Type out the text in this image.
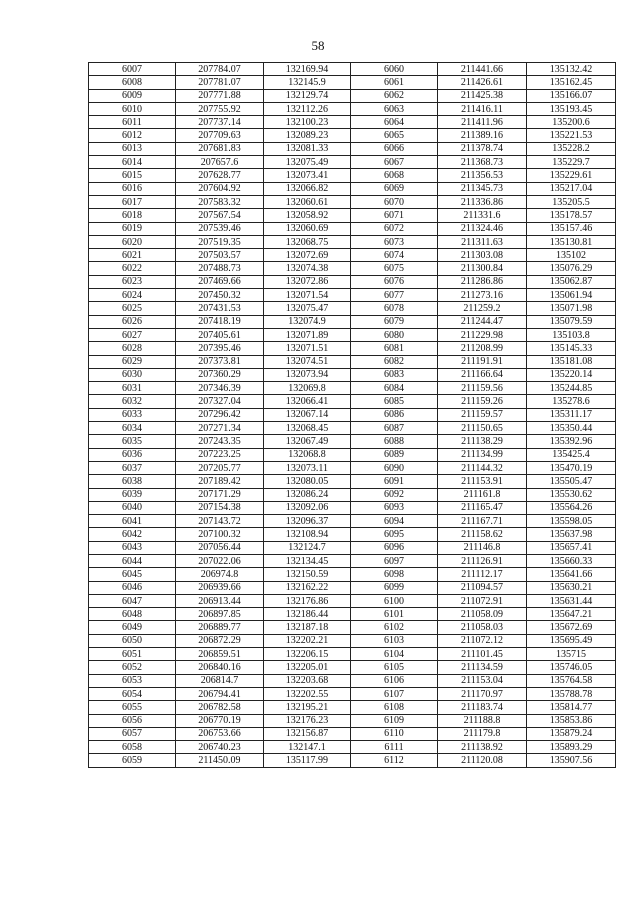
58
6007	207784.07	132169.94	6060	211441.66	135132.42
6008	207781.07	132145.9	6061	211426.61	135162.45
6009	207771.88	132129.74	6062	211425.38	135166.07
6010	207755.92	132112.26	6063	211416.11	135193.45
6011	207737.14	132100.23	6064	211411.96	135200.6
6012	207709.63	132089.23	6065	211389.16	135221.53
6013	207681.83	132081.33	6066	211378.74	135228.2
6014	207657.6	132075.49	6067	211368.73	135229.7
6015	207628.77	132073.41	6068	211356.53	135229.61
6016	207604.92	132066.82	6069	211345.73	135217.04
6017	207583.32	132060.61	6070	211336.86	135205.5
6018	207567.54	132058.92	6071	211331.6	135178.57
6019	207539.46	132060.69	6072	211324.46	135157.46
6020	207519.35	132068.75	6073	211311.63	135130.81
6021	207503.57	132072.69	6074	211303.08	135102
6022	207488.73	132074.38	6075	211300.84	135076.29
6023	207469.66	132072.86	6076	211286.86	135062.87
6024	207450.32	132071.54	6077	211273.16	135061.94
6025	207431.53	132075.47	6078	211259.2	135071.98
6026	207418.19	132074.9	6079	211244.47	135079.59
6027	207405.61	132071.89	6080	211229.98	135103.8
6028	207395.46	132071.51	6081	211208.99	135145.33
6029	207373.81	132074.51	6082	211191.91	135181.08
6030	207360.29	132073.94	6083	211166.64	135220.14
6031	207346.39	132069.8	6084	211159.56	135244.85
6032	207327.04	132066.41	6085	211159.26	135278.6
6033	207296.42	132067.14	6086	211159.57	135311.17
6034	207271.34	132068.45	6087	211150.65	135350.44
6035	207243.35	132067.49	6088	211138.29	135392.96
6036	207223.25	132068.8	6089	211134.99	135425.4
6037	207205.77	132073.11	6090	211144.32	135470.19
6038	207189.42	132080.05	6091	211153.91	135505.47
6039	207171.29	132086.24	6092	211161.8	135530.62
6040	207154.38	132092.06	6093	211165.47	135564.26
6041	207143.72	132096.37	6094	211167.71	135598.05
6042	207100.32	132108.94	6095	211158.62	135637.98
6043	207056.44	132124.7	6096	211146.8	135657.41
6044	207022.06	132134.45	6097	211126.91	135660.33
6045	206974.8	132150.59	6098	211112.17	135641.66
6046	206939.66	132162.22	6099	211094.57	135630.21
6047	206913.44	132176.86	6100	211072.91	135631.44
6048	206897.85	132186.44	6101	211058.09	135647.21
6049	206889.77	132187.18	6102	211058.03	135672.69
6050	206872.29	132202.21	6103	211072.12	135695.49
6051	206859.51	132206.15	6104	211101.45	135715
6052	206840.16	132205.01	6105	211134.59	135746.05
6053	206814.7	132203.68	6106	211153.04	135764.58
6054	206794.41	132202.55	6107	211170.97	135788.78
6055	206782.58	132195.21	6108	211183.74	135814.77
6056	206770.19	132176.23	6109	211188.8	135853.86
6057	206753.66	132156.87	6110	211179.8	135879.24
6058	206740.23	132147.1	6111	211138.92	135893.29
6059	211450.09	135117.99	6112	211120.08	135907.56
